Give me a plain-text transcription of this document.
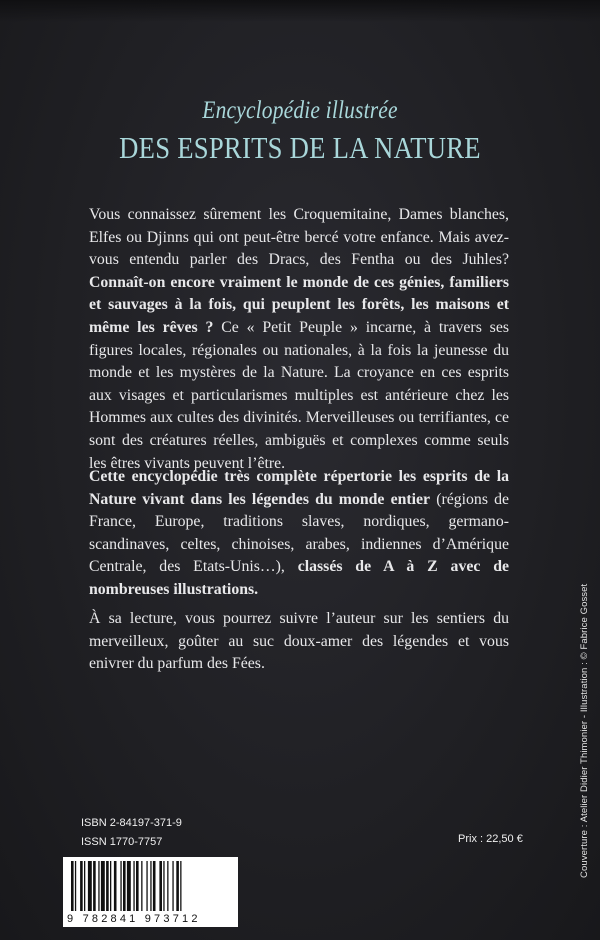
Encyclopédie illustrée
DES ESPRITS DE LA NATURE
Vous connaissez sûrement les Croquemitaine, Dames blanches, Elfes ou Djinns qui ont peut-être bercé votre enfance. Mais avez-vous entendu parler des Dracs, des Fentha ou des Juhles? Connaît-on encore vraiment le monde de ces génies, familiers et sauvages à la fois, qui peuplent les forêts, les maisons et même les rêves ? Ce « Petit Peuple » incarne, à travers ses figures locales, régionales ou nationales, à la fois la jeunesse du monde et les mystères de la Nature. La croyance en ces esprits aux visages et particularismes multiples est antérieure chez les Hommes aux cultes des divinités. Merveilleuses ou terrifiantes, ce sont des créatures réelles, ambiguës et complexes comme seuls les êtres vivants peuvent l’être.
Cette encyclopédie très complète répertorie les esprits de la Nature vivant dans les légendes du monde entier (régions de France, Europe, traditions slaves, nordiques, germano-scandinaves, celtes, chinoises, arabes, indiennes d’Amérique Centrale, des Etats-Unis…), classés de A à Z avec de nombreuses illustrations.
À sa lecture, vous pourrez suivre l’auteur sur les sentiers du merveilleux, goûter au suc doux-amer des légendes et vous enivrer du parfum des Fées.
ISBN 2-84197-371-9
ISSN 1770-7757	Prix : 22,50 €
9 782841 973712
Couverture : Atelier Didier Thimonier - Illustration : © Fabrice Gosset
